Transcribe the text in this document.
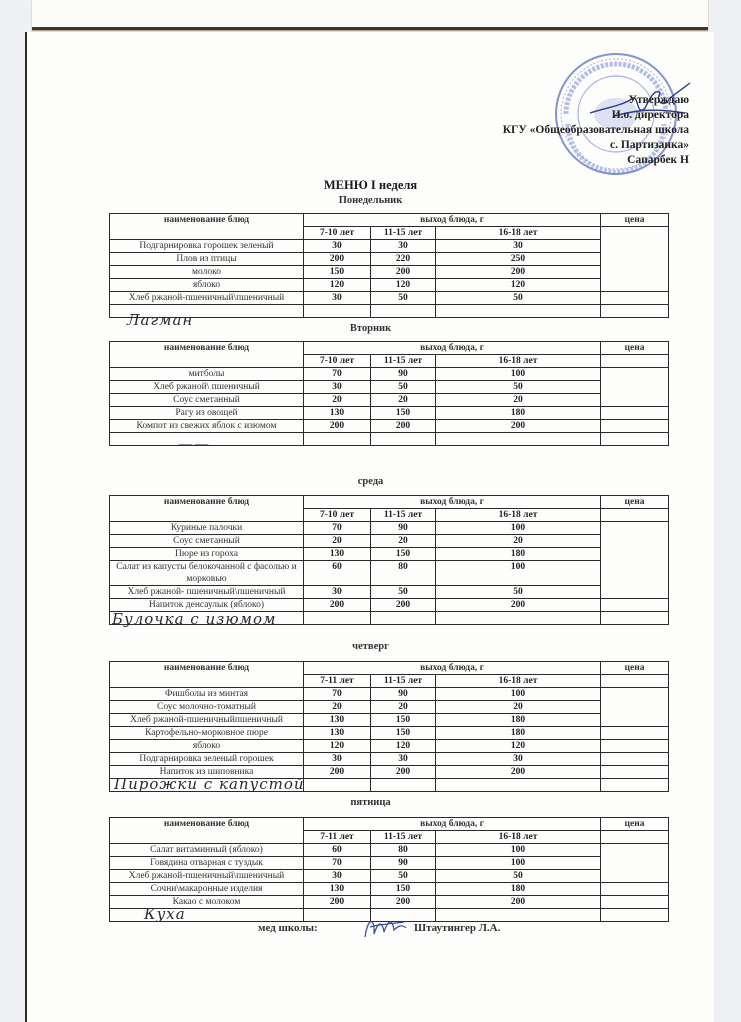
Утверждаю
И.о. директора
КГУ «Общеобразовательная школа
с. Партизанка»
Сапарбек Н
МЕНЮ I неделя
Понедельник
наименование блюд	выход блюда, г			цена
	7-10 лет	11-15 лет	16-18 лет	
Подгарнировка горошек зеленый	30	30	30	
Плов из птицы	200	220	250	
молоко	150	200	200	
яблоко	120	120	120	
Хлеб ржаной-пшеничный\пшеничный	30	50	50	

Лагман	Вторник
наименование блюд	выход блюда, г			цена
	7-10 лет	11-15 лет	16-18 лет	
митболы	70	90	100	
Хлеб ржаной\ пшеничный	30	50	50	
Соус сметанный	20	20	20	
Рагу из овощей	130	150	180	
Компот из свежих яблок с изюмом	200	200	200	

——
среда
наименование блюд	выход блюда, г			цена
	7-10 лет	11-15 лет	16-18 лет	
Куриные палочки	70	90	100	
Соус сметанный	20	20	20	
Пюре из гороха	130	150	180	
Салат из капусты белокочанной с фасолью и морковью	60	80	100	
Хлеб ржаной- пшеничный\пшеничный	30	50	50	
Напиток денсаулык (яблоко)	200	200	200	

Булочка с изюмом
четверг
наименование блюд	выход блюда, г			цена
	7-11 лет	11-15 лет	16-18 лет	
Фишболы из минтая	70	90	100	
Соус молочно-томатный	20	20	20	
Хлеб ржаной-пшеничныйпшеничный	130	150	180	
Картофельно-морковное пюре	130	150	180	
яблоко	120	120	120	
Подгарнировка зеленый горошек	30	30	30	
Напиток из шиповника	200	200	200	

Пирожки с капустой
пятница
наименование блюд	выход блюда, г			цена
	7-11 лет	11-15 лет	16-18 лет	
Салат витаминный (яблоко)	60	80	100	
Говядина отварная с туздык	70	90	100	
Хлеб ржаной-пшеничный\пшеничный	30	50	50	
Сочни\макаронные изделия	130	150	180	
Какао с молоком	200	200	200	

Куха
мед школы:	Штаутингер Л.А.
